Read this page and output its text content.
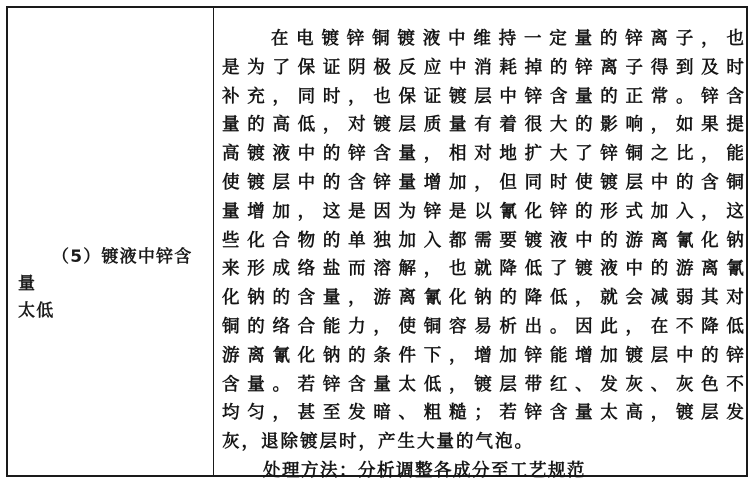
（5）镀液中锌含量
太低
在 电 镀 锌 铜 镀 液 中 维 持 一 定 量 的 锌 离 子 ， 也
是 为 了 保 证 阴 极 反 应 中 消 耗 掉 的 锌 离 子 得 到 及 时
补 充 ， 同 时 ， 也 保 证 镀 层 中 锌 含 量 的 正 常 。 锌 含
量 的 高 低 ， 对 镀 层 质 量 有 着 很 大 的 影 响 ， 如 果 提
高 镀 液 中 的 锌 含 量 ， 相 对 地 扩 大 了 锌 铜 之 比 ， 能
使 镀 层 中 的 含 锌 量 增 加 ， 但 同 时 使 镀 层 中 的 含 铜
量 增 加 ， 这 是 因 为 锌 是 以 氰 化 锌 的 形 式 加 入 ， 这
些 化 合 物 的 单 独 加 入 都 需 要 镀 液 中 的 游 离 氰 化 钠
来 形 成 络 盐 而 溶 解 ， 也 就 降 低 了 镀 液 中 的 游 离 氰
化 钠 的 含 量 ， 游 离 氰 化 钠 的 降 低 ， 就 会 减 弱 其 对
铜 的 络 合 能 力 ， 使 铜 容 易 析 出 。 因 此 ， 在 不 降 低
游 离 氰 化 钠 的 条 件 下 ， 增 加 锌 能 增 加 镀 层 中 的 锌
含 量 。 若 锌 含 量 太 低 ， 镀 层 带 红 、 发 灰 、 灰 色 不
均 匀 ， 甚 至 发 暗 、 粗 糙 ； 若 锌 含 量 太 高 ， 镀 层 发
灰，退除镀层时，产生大量的气泡。
处理方法：分析调整各成分至工艺规范
